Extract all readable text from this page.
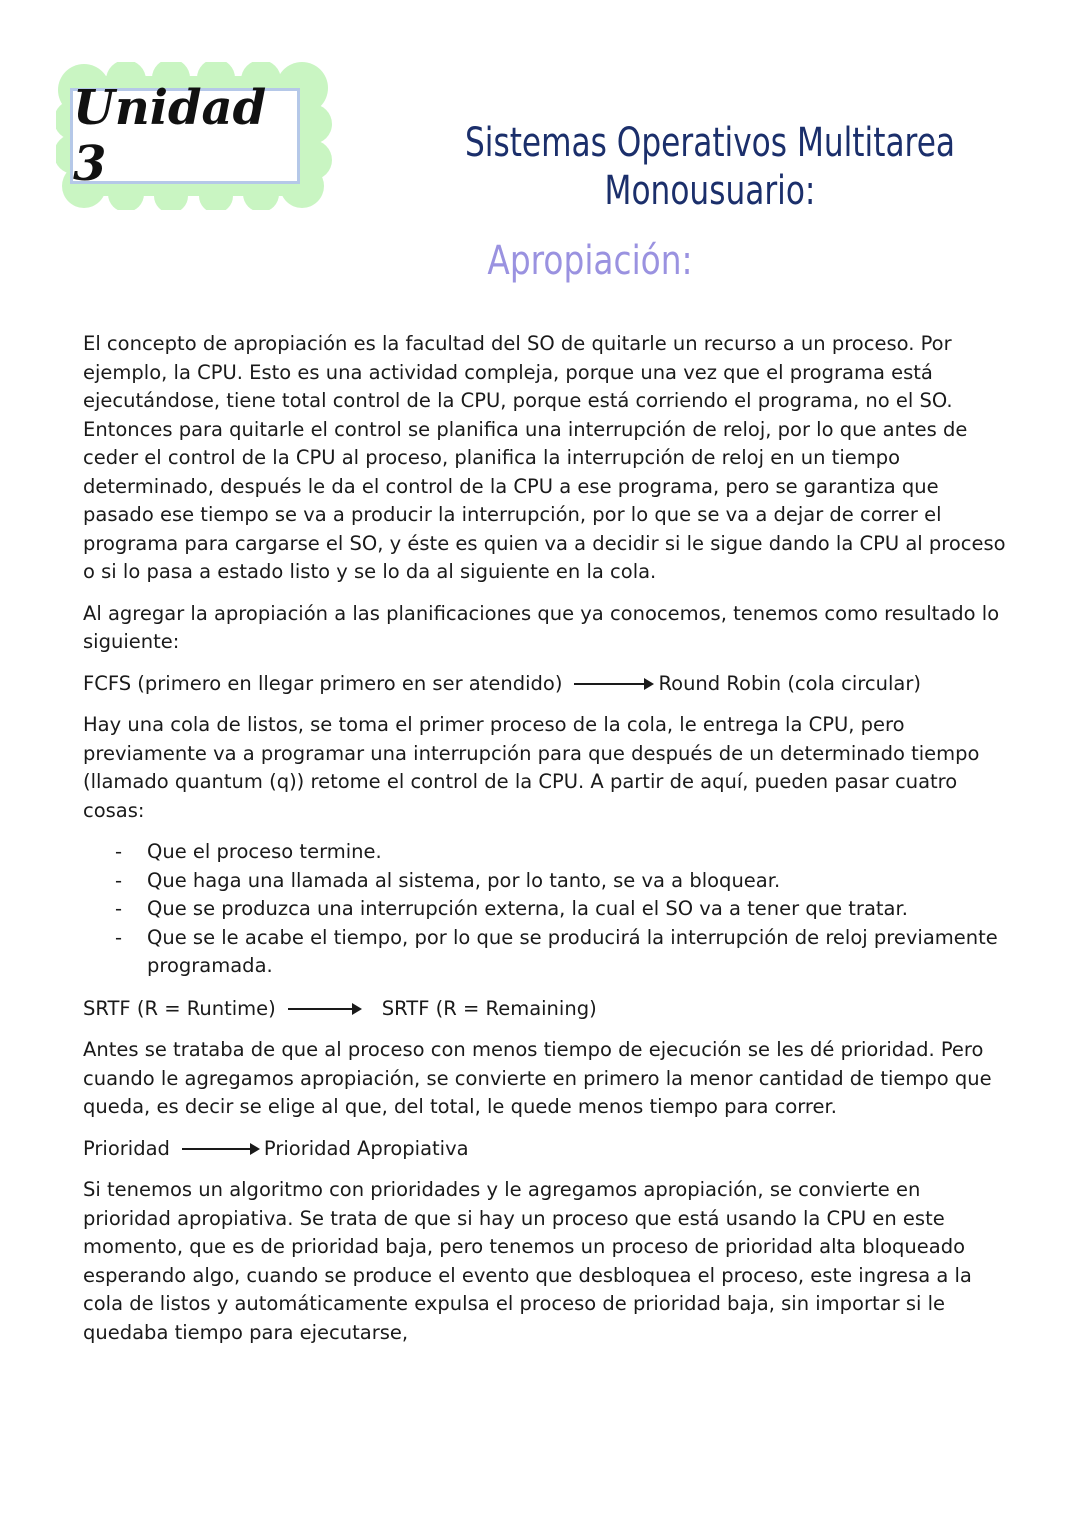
Unidad 3	Sistemas Operativos Multitarea
Monousuario:
Apropiación:

El concepto de apropiación es la facultad del SO de quitarle un recurso a un proceso. Por ejemplo, la CPU. Esto es una actividad compleja, porque una vez que el programa está ejecutándose, tiene total control de la CPU, porque está corriendo el programa, no el SO. Entonces para quitarle el control se planifica una interrupción de reloj, por lo que antes de ceder el control de la CPU al proceso, planifica la interrupción de reloj en un tiempo determinado, después le da el control de la CPU a ese programa, pero se garantiza que pasado ese tiempo se va a producir la interrupción, por lo que se va a dejar de correr el programa para cargarse el SO, y éste es quien va a decidir si le sigue dando la CPU al proceso o si lo pasa a estado listo y se lo da al siguiente en la cola.

Al agregar la apropiación a las planificaciones que ya conocemos, tenemos como resultado lo siguiente:

FCFS (primero en llegar primero en ser atendido)	Round Robin (cola circular)

Hay una cola de listos, se toma el primer proceso de la cola, le entrega la CPU, pero previamente va a programar una interrupción para que después de un determinado tiempo (llamado quantum (q)) retome el control de la CPU. A partir de aquí, pueden pasar cuatro cosas:

- Que el proceso termine.
- Que haga una llamada al sistema, por lo tanto, se va a bloquear.
- Que se produzca una interrupción externa, la cual el SO va a tener que tratar.
- Que se le acabe el tiempo, por lo que se producirá la interrupción de reloj previamente programada.
SRTF (R = Runtime)	SRTF (R = Remaining)

Antes se trataba de que al proceso con menos tiempo de ejecución se les dé prioridad. Pero cuando le agregamos apropiación, se convierte en primero la menor cantidad de tiempo que queda, es decir se elige al que, del total, le quede menos tiempo para correr.

Prioridad	Prioridad Apropiativa

Si tenemos un algoritmo con prioridades y le agregamos apropiación, se convierte en prioridad apropiativa. Se trata de que si hay un proceso que está usando la CPU en este momento, que es de prioridad baja, pero tenemos un proceso de prioridad alta bloqueado esperando algo, cuando se produce el evento que desbloquea el proceso, este ingresa a la cola de listos y automáticamente expulsa el proceso de prioridad baja, sin importar si le quedaba tiempo para ejecutarse,
